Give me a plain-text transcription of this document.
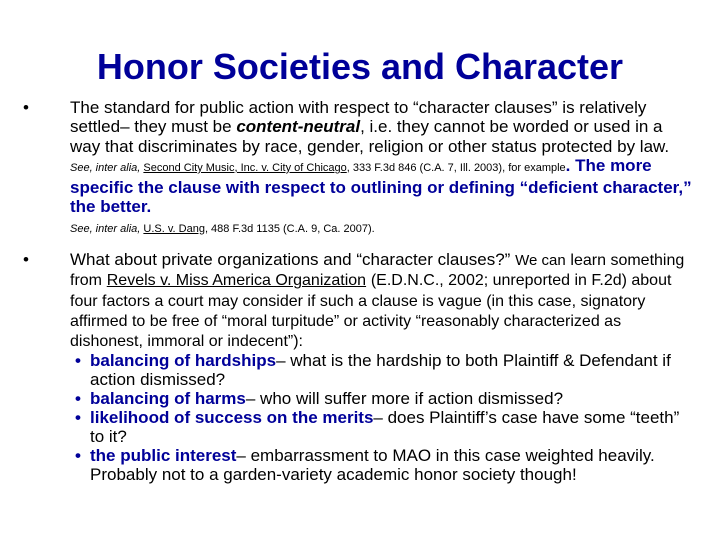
Honor Societies and Character
• The standard for public action with respect to “character clauses” is relatively settled– they must be content-neutral, i.e. they cannot be worded or used in a way that discriminates by race, gender, religion or other status protected by law. See, inter alia, Second City Music, Inc. v. City of Chicago, 333 F.3d 846 (C.A. 7, Ill. 2003), for example. The more specific the clause with respect to outlining or defining “deficient character,” the better.
See, inter alia, U.S. v. Dang, 488 F.3d 1135 (C.A. 9, Ca. 2007).
• What about private organizations and “character clauses?” We can learn something from Revels v. Miss America Organization (E.D.N.C., 2002; unreported in F.2d) about four factors a court may consider if such a clause is vague (in this case, signatory affirmed to be free of “moral turpitude” or activity “reasonably characterized as dishonest, immoral or indecent”):
• balancing of hardships– what is the hardship to both Plaintiff & Defendant if action dismissed?
• balancing of harms– who will suffer more if action dismissed?
• likelihood of success on the merits– does Plaintiff’s case have some “teeth” to it?
• the public interest– embarrassment to MAO in this case weighted heavily. Probably not to a garden-variety academic honor society though!
